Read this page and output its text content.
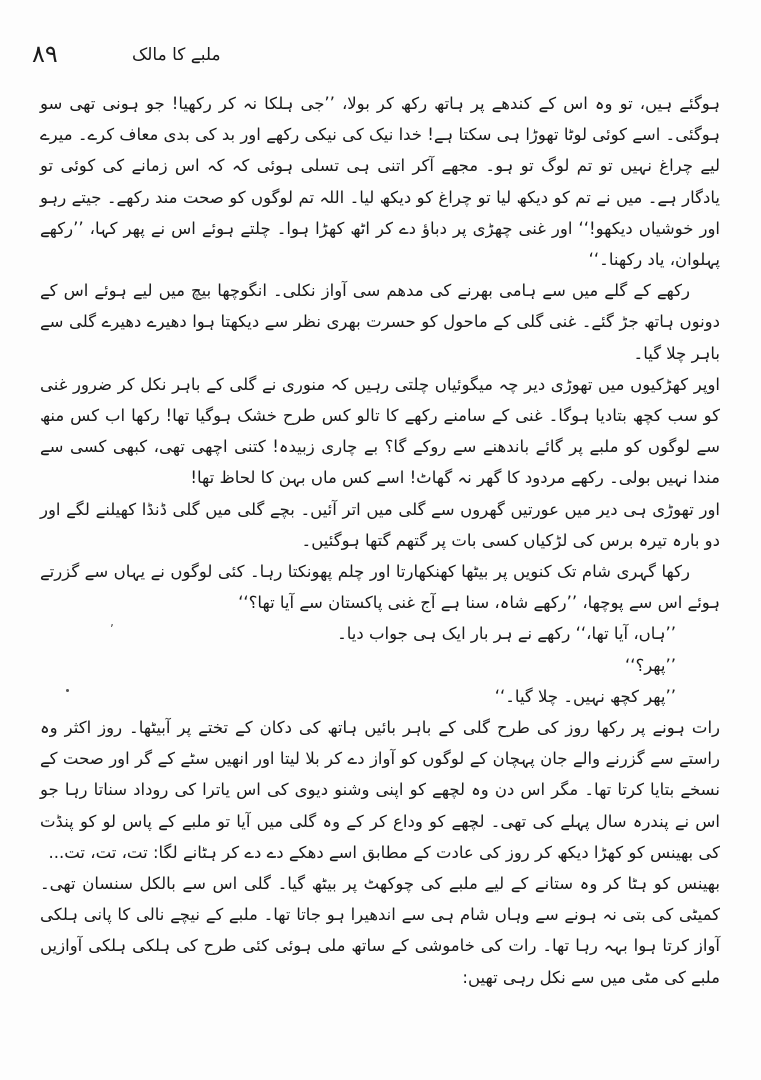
۸۹	ملبے کا مالک

ہوگئے ہیں، تو وہ اس کے کندھے پر ہاتھ رکھ کر بولا، ’’جی ہلکا نہ کر رکھیا! جو ہونی تھی سو ہوگئی۔ اسے کوئی لوٹا تھوڑا ہی سکتا ہے! خدا نیک کی نیکی رکھے اور بد کی بدی معاف کرے۔ میرے لیے چراغ نہیں تو تم لوگ تو ہو۔ مجھے آکر اتنی ہی تسلی ہوئی کہ کہ اس زمانے کی کوئی تو یادگار ہے۔ میں نے تم کو دیکھ لیا تو چراغ کو دیکھ لیا۔ اللہ تم لوگوں کو صحت مند رکھے۔ جیتے رہو اور خوشیاں دیکھو!‘‘ اور غنی چھڑی پر دباؤ دے کر اٹھ کھڑا ہوا۔ چلتے ہوئے اس نے پھر کہا، ’’رکھے پہلوان، یاد رکھنا۔‘‘

رکھے کے گلے میں سے ہامی بھرنے کی مدھم سی آواز نکلی۔ انگوچھا بیچ میں لیے ہوئے اس کے دونوں ہاتھ جڑ گئے۔ غنی گلی کے ماحول کو حسرت بھری نظر سے دیکھتا ہوا دھیرے دھیرے گلی سے باہر چلا گیا۔

اوپر کھڑکیوں میں تھوڑی دیر چہ میگوئیاں چلتی رہیں کہ منوری نے گلی کے باہر نکل کر ضرور غنی کو سب کچھ بتادیا ہوگا۔ غنی کے سامنے رکھے کا تالو کس طرح خشک ہوگیا تھا! رکھا اب کس منھ سے لوگوں کو ملبے پر گائے باندھنے سے روکے گا؟ بے چاری زبیدہ! کتنی اچھی تھی، کبھی کسی سے مندا نہیں بولی۔ رکھے مردود کا گھر نہ گھاٹ! اسے کس ماں بہن کا لحاظ تھا!

اور تھوڑی ہی دیر میں عورتیں گھروں سے گلی میں اتر آئیں۔ بچے گلی میں گلی ڈنڈا کھیلنے لگے اور دو بارہ تیرہ برس کی لڑکیاں کسی بات پر گتھم گتھا ہوگئیں۔

رکھا گہری شام تک کنویں پر بیٹھا کھنکھارتا اور چلم پھونکتا رہا۔ کئی لوگوں نے یہاں سے گزرتے ہوئے اس سے پوچھا، ’’رکھے شاہ، سنا ہے آج غنی پاکستان سے آیا تھا؟‘‘

’’ہاں، آیا تھا،‘‘ رکھے نے ہر بار ایک ہی جواب دیا۔

’’پھر؟‘‘

’’پھر کچھ نہیں۔ چلا گیا۔‘‘

رات ہونے پر رکھا روز کی طرح گلی کے باہر بائیں ہاتھ کی دکان کے تختے پر آبیٹھا۔ روز اکثر وہ راستے سے گزرنے والے جان پہچان کے لوگوں کو آواز دے کر بلا لیتا اور انھیں سٹے کے گر اور صحت کے نسخے بتایا کرتا تھا۔ مگر اس دن وہ لچھے کو اپنی وشنو دیوی کی اس یاترا کی روداد سناتا رہا جو اس نے پندرہ سال پہلے کی تھی۔ لچھے کو وداع کر کے وہ گلی میں آیا تو ملبے کے پاس لو کو پنڈت کی بھینس کو کھڑا دیکھ کر روز کی عادت کے مطابق اسے دھکے دے دے کر ہٹانے لگا: تت، تت، تت...

بھینس کو ہٹا کر وہ ستانے کے لیے ملبے کی چوکھٹ پر بیٹھ گیا۔ گلی اس سے بالکل سنسان تھی۔ کمیٹی کی بتی نہ ہونے سے وہاں شام ہی سے اندھیرا ہو جاتا تھا۔ ملبے کے نیچے نالی کا پانی ہلکی آواز کرتا ہوا بہہ رہا تھا۔ رات کی خاموشی کے ساتھ ملی ہوئی کئی طرح کی ہلکی ہلکی آوازیں ملبے کی مٹی میں سے نکل رہی تھیں:

ʼ
